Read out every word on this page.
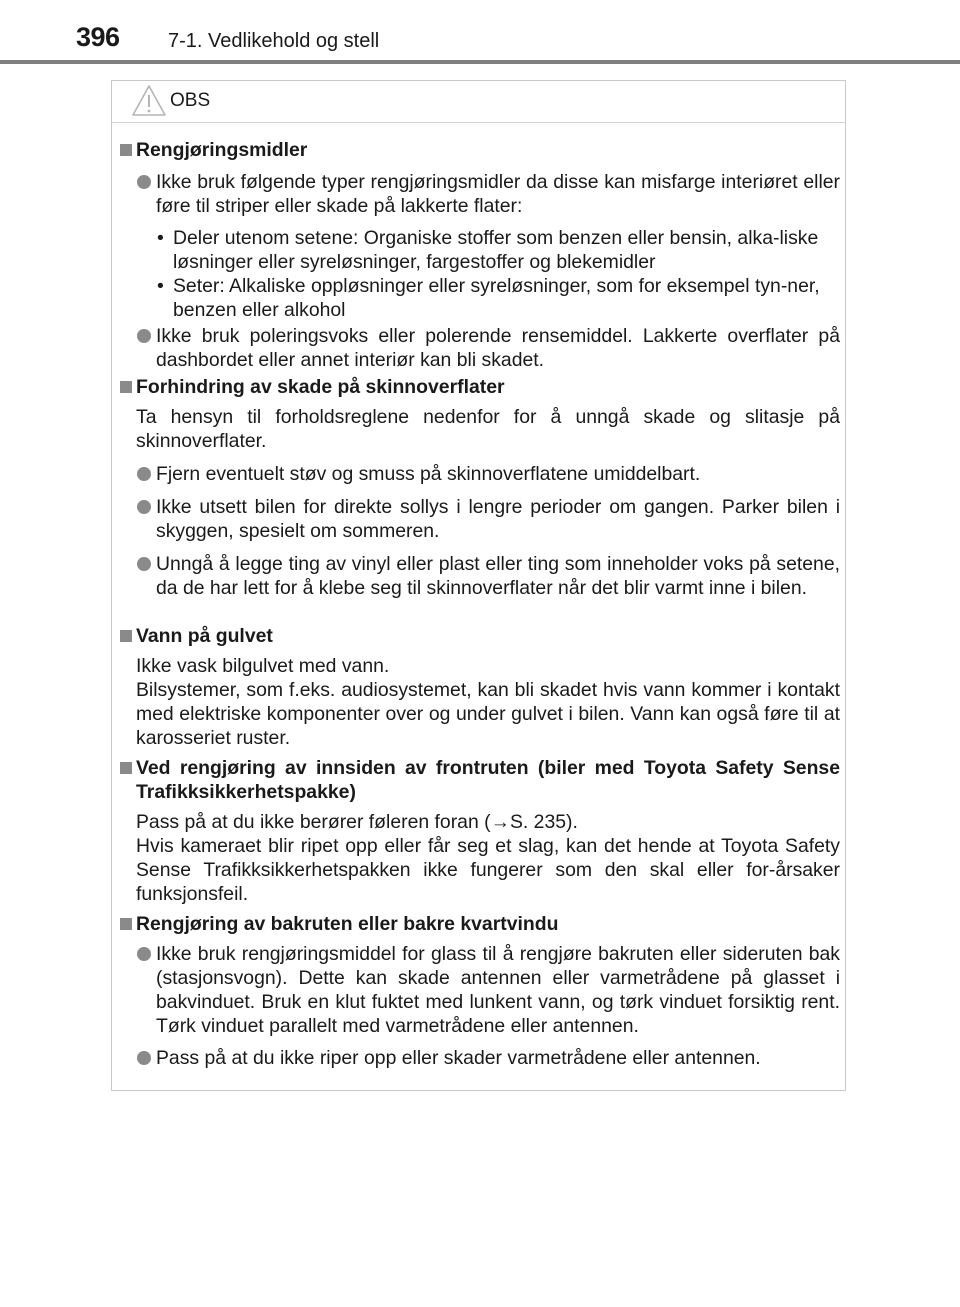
396 7-1. Vedlikehold og stell
OBS
Rengjøringsmidler
Ikke bruk følgende typer rengjøringsmidler da disse kan misfarge interiøret eller føre til striper eller skade på lakkerte flater:
• Deler utenom setene: Organiske stoffer som benzen eller bensin, alka-liske løsninger eller syreløsninger, fargestoffer og blekemidler
• Seter: Alkaliske oppløsninger eller syreløsninger, som for eksempel tyn-ner, benzen eller alkohol
Ikke bruk poleringsvoks eller polerende rensemiddel. Lakkerte overflater på dashbordet eller annet interiør kan bli skadet.
Forhindring av skade på skinnoverflater
Ta hensyn til forholdsreglene nedenfor for å unngå skade og slitasje på skinnoverflater.
Fjern eventuelt støv og smuss på skinnoverflatene umiddelbart.
Ikke utsett bilen for direkte sollys i lengre perioder om gangen. Parker bilen i skyggen, spesielt om sommeren.
Unngå å legge ting av vinyl eller plast eller ting som inneholder voks på setene, da de har lett for å klebe seg til skinnoverflater når det blir varmt inne i bilen.
Vann på gulvet
Ikke vask bilgulvet med vann.
Bilsystemer, som f.eks. audiosystemet, kan bli skadet hvis vann kommer i kontakt med elektriske komponenter over og under gulvet i bilen. Vann kan også føre til at karosseriet ruster.
Ved rengjøring av innsiden av frontruten (biler med Toyota Safety Sense Trafikksikkerhetspakke)
Pass på at du ikke berører føleren foran (→S. 235).
Hvis kameraet blir ripet opp eller får seg et slag, kan det hende at Toyota Safety Sense Trafikksikkerhetspakken ikke fungerer som den skal eller for-årsaker funksjonsfeil.
Rengjøring av bakruten eller bakre kvartvindu
Ikke bruk rengjøringsmiddel for glass til å rengjøre bakruten eller sideruten bak (stasjonsvogn). Dette kan skade antennen eller varmetrådene på glasset i bakvinduet. Bruk en klut fuktet med lunkent vann, og tørk vinduet forsiktig rent. Tørk vinduet parallelt med varmetrådene eller antennen.
Pass på at du ikke riper opp eller skader varmetrådene eller antennen.
